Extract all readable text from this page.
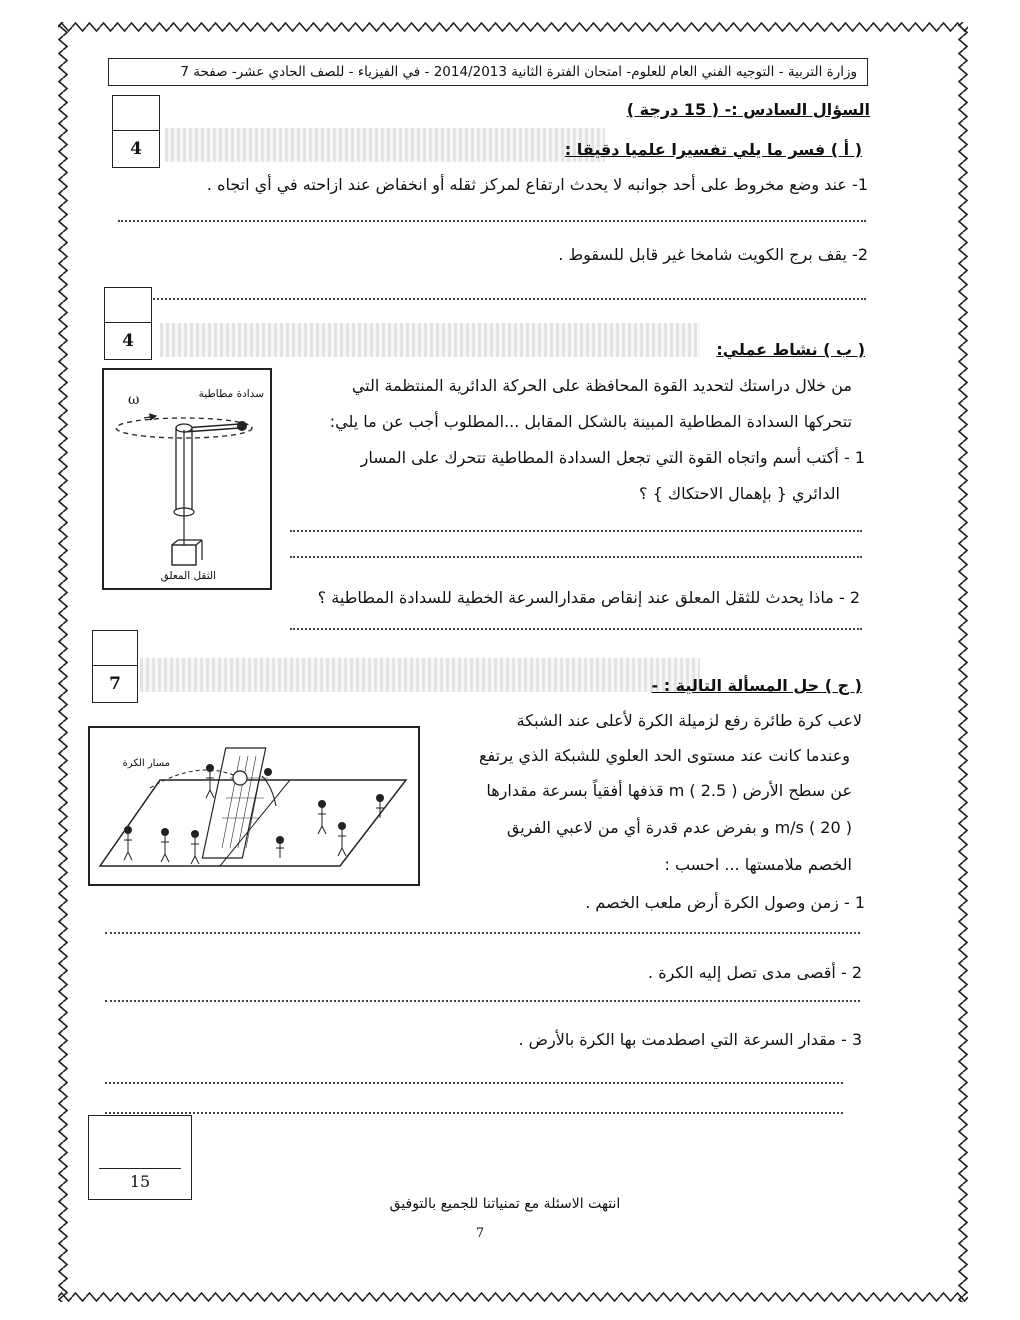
وزارة التربية - التوجيه الفني العام للعلوم- امتحان الفترة الثانية 2014/2013 - في الفيزياء - للصف الحادي عشر- صفحة 7
السؤال السادس :- ( 15 درجة )
4	( أ ) فسر ما يلي تفسيرا علميا دقيقا :
1- عند وضع مخروط على أحد جوانبه لا يحدث ارتفاع لمركز ثقله أو انخفاض عند ازاحته في أي اتجاه .
2- يقف برج الكويت شامخا غير قابل للسقوط .
4	( ب ) نشاط عملي:
من خلال دراستك لتحديد القوة المحافظة على الحركة الدائرية المنتظمة التي
تتحركها السدادة المطاطية المبينة بالشكل المقابل ...المطلوب أجب عن ما يلي:
1 - أكتب أسم واتجاه القوة التي تجعل السدادة المطاطية تتحرك على المسار
الدائري { بإهمال الاحتكاك } ؟
2 - ماذا يحدث للثقل المعلق عند إنقاص مقدارالسرعة الخطية للسدادة المطاطية ؟
ω	سدادة مطاطية
الثقل المعلق
7	( ج ) حل المسألة التالية : -
لاعب كرة طائرة رفع لزميلة الكرة لأعلى عند الشبكة
وعندما كانت عند مستوى الحد العلوي للشبكة الذي يرتفع
عن سطح الأرض m ( 2.5 ) قذفها أفقياً بسرعة مقدارها
m/s ( 20 ) و بفرض عدم قدرة أي من لاعبي الفريق
الخصم ملامستها ... احسب :
1 - زمن وصول الكرة أرض ملعب الخصم .
2 - أقصى مدى تصل إليه الكرة .
3 - مقدار السرعة التي اصطدمت بها الكرة بالأرض .
مسار الكرة
15
انتهت الاسئلة مع تمنياتنا للجميع بالتوفيق
7
